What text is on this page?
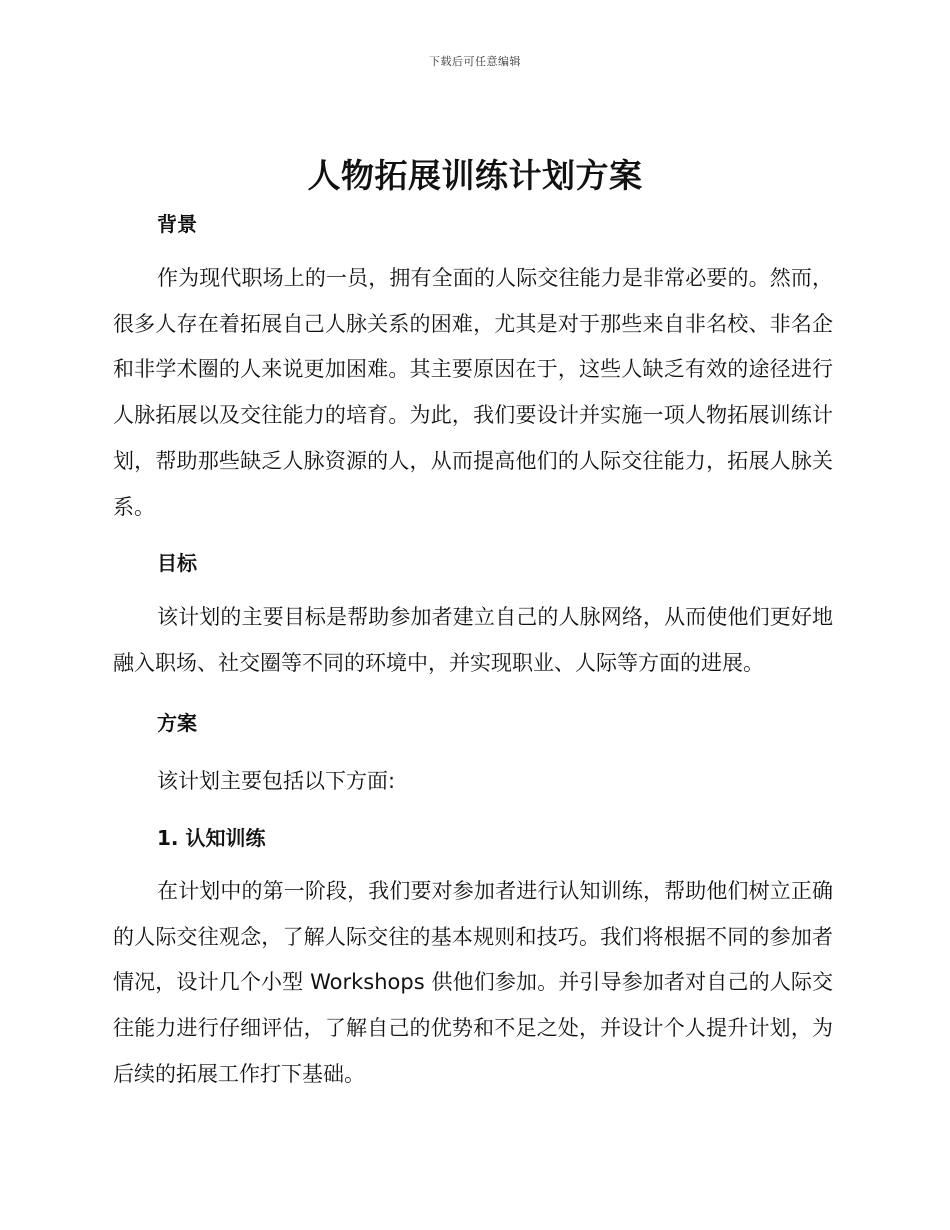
下载后可任意编辑
人物拓展训练计划方案
背景

作为现代职场上的一员，拥有全面的人际交往能力是非常必要的。然而，很多人存在着拓展自己人脉关系的困难，尤其是对于那些来自非名校、非名企和非学术圈的人来说更加困难。其主要原因在于，这些人缺乏有效的途径进行人脉拓展以及交往能力的培育。为此，我们要设计并实施一项人物拓展训练计划，帮助那些缺乏人脉资源的人，从而提高他们的人际交往能力，拓展人脉关系。

目标

该计划的主要目标是帮助参加者建立自己的人脉网络，从而使他们更好地融入职场、社交圈等不同的环境中，并实现职业、人际等方面的进展。

方案

该计划主要包括以下方面:

1. 认知训练

在计划中的第一阶段，我们要对参加者进行认知训练，帮助他们树立正确的人际交往观念，了解人际交往的基本规则和技巧。我们将根据不同的参加者情况，设计几个小型 Workshops 供他们参加。并引导参加者对自己的人际交往能力进行仔细评估，了解自己的优势和不足之处，并设计个人提升计划，为后续的拓展工作打下基础。
